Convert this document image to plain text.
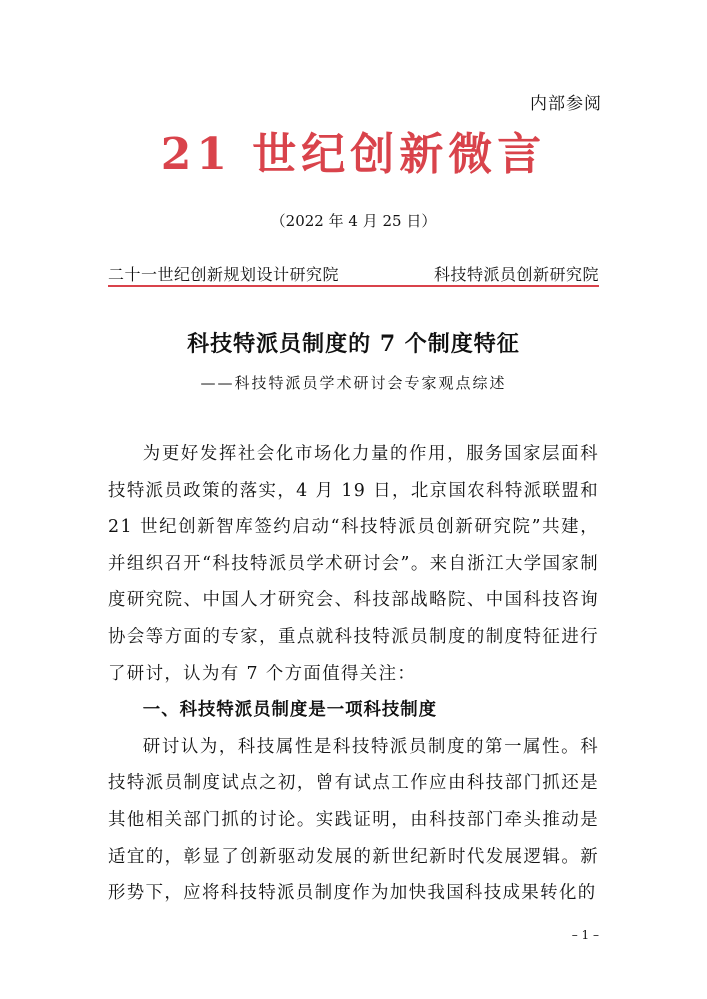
内部参阅
21 世纪创新微言
（2022 年 4 月 25 日）
二十一世纪创新规划设计研究院	科技特派员创新研究院
科技特派员制度的 7 个制度特征
——科技特派员学术研讨会专家观点综述

为更好发挥社会化市场化力量的作用，服务国家层面科技特派员政策的落实，4 月 19 日，北京国农科特派联盟和 21 世纪创新智库签约启动“科技特派员创新研究院”共建，并组织召开“科技特派员学术研讨会”。来自浙江大学国家制度研究院、中国人才研究会、科技部战略院、中国科技咨询协会等方面的专家，重点就科技特派员制度的制度特征进行了研讨，认为有 7 个方面值得关注：

一、科技特派员制度是一项科技制度

研讨认为，科技属性是科技特派员制度的第一属性。科技特派员制度试点之初，曾有试点工作应由科技部门抓还是其他相关部门抓的讨论。实践证明，由科技部门牵头推动是适宜的，彰显了创新驱动发展的新世纪新时代发展逻辑。新形势下，应将科技特派员制度作为加快我国科技成果转化的

– 1 –
